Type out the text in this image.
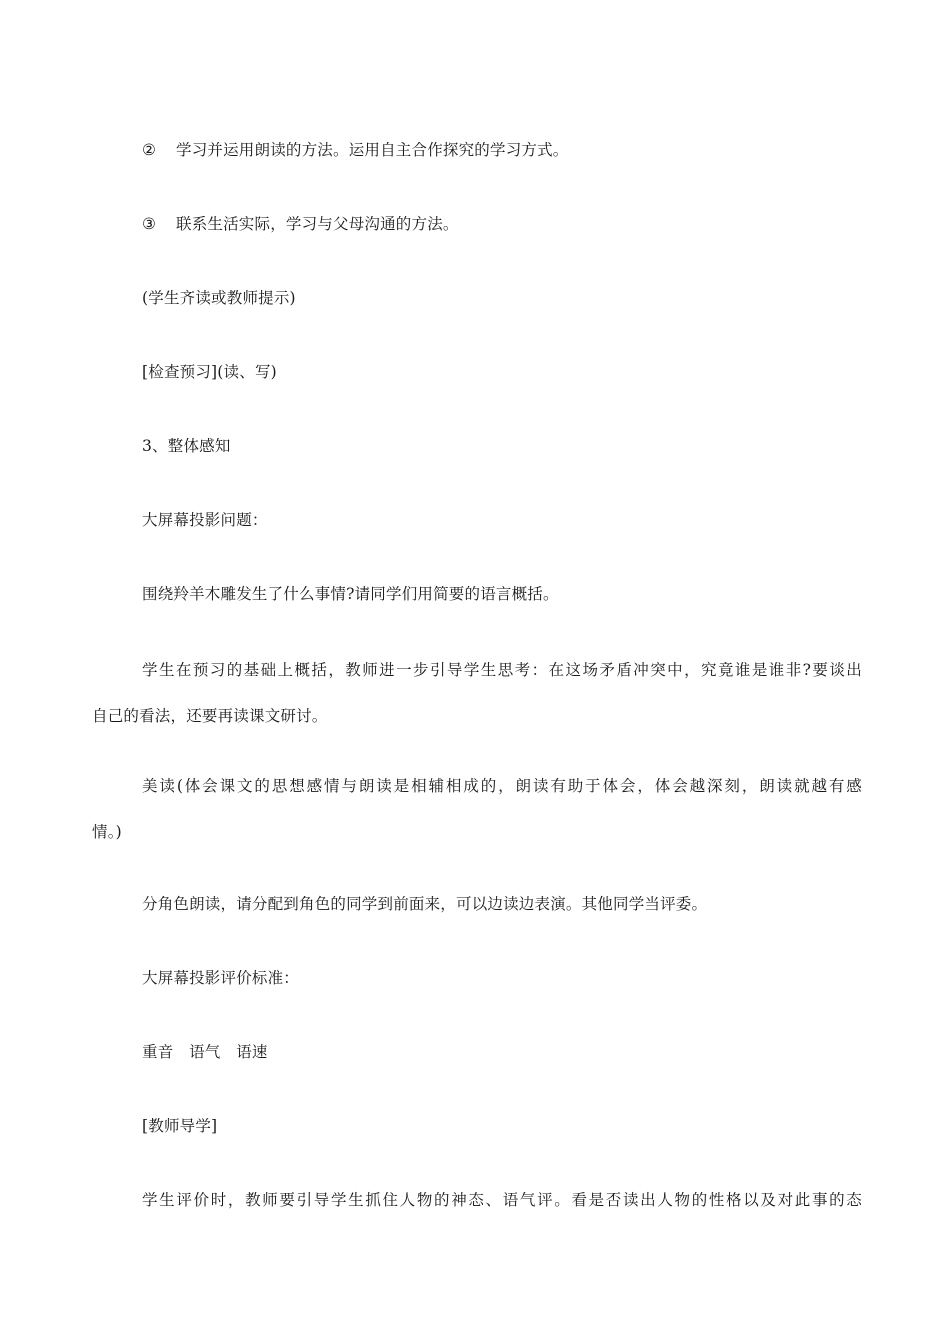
② 学习并运用朗读的方法。运用自主合作探究的学习方式。
③ 联系生活实际，学习与父母沟通的方法。
(学生齐读或教师提示)
[检查预习](读、写)
3、整体感知
大屏幕投影问题：
围绕羚羊木雕发生了什么事情?请同学们用简要的语言概括。
学生在预习的基础上概括，教师进一步引导学生思考：在这场矛盾冲突中，究竟谁是谁非?要谈出
自己的看法，还要再读课文研讨。
美读(体会课文的思想感情与朗读是相辅相成的，朗读有助于体会，体会越深刻，朗读就越有感
情。)
分角色朗读，请分配到角色的同学到前面来，可以边读边表演。其他同学当评委。
大屏幕投影评价标准：
重音　语气　语速
[教师导学]
学生评价时，教师要引导学生抓住人物的神态、语气评。看是否读出人物的性格以及对此事的态
